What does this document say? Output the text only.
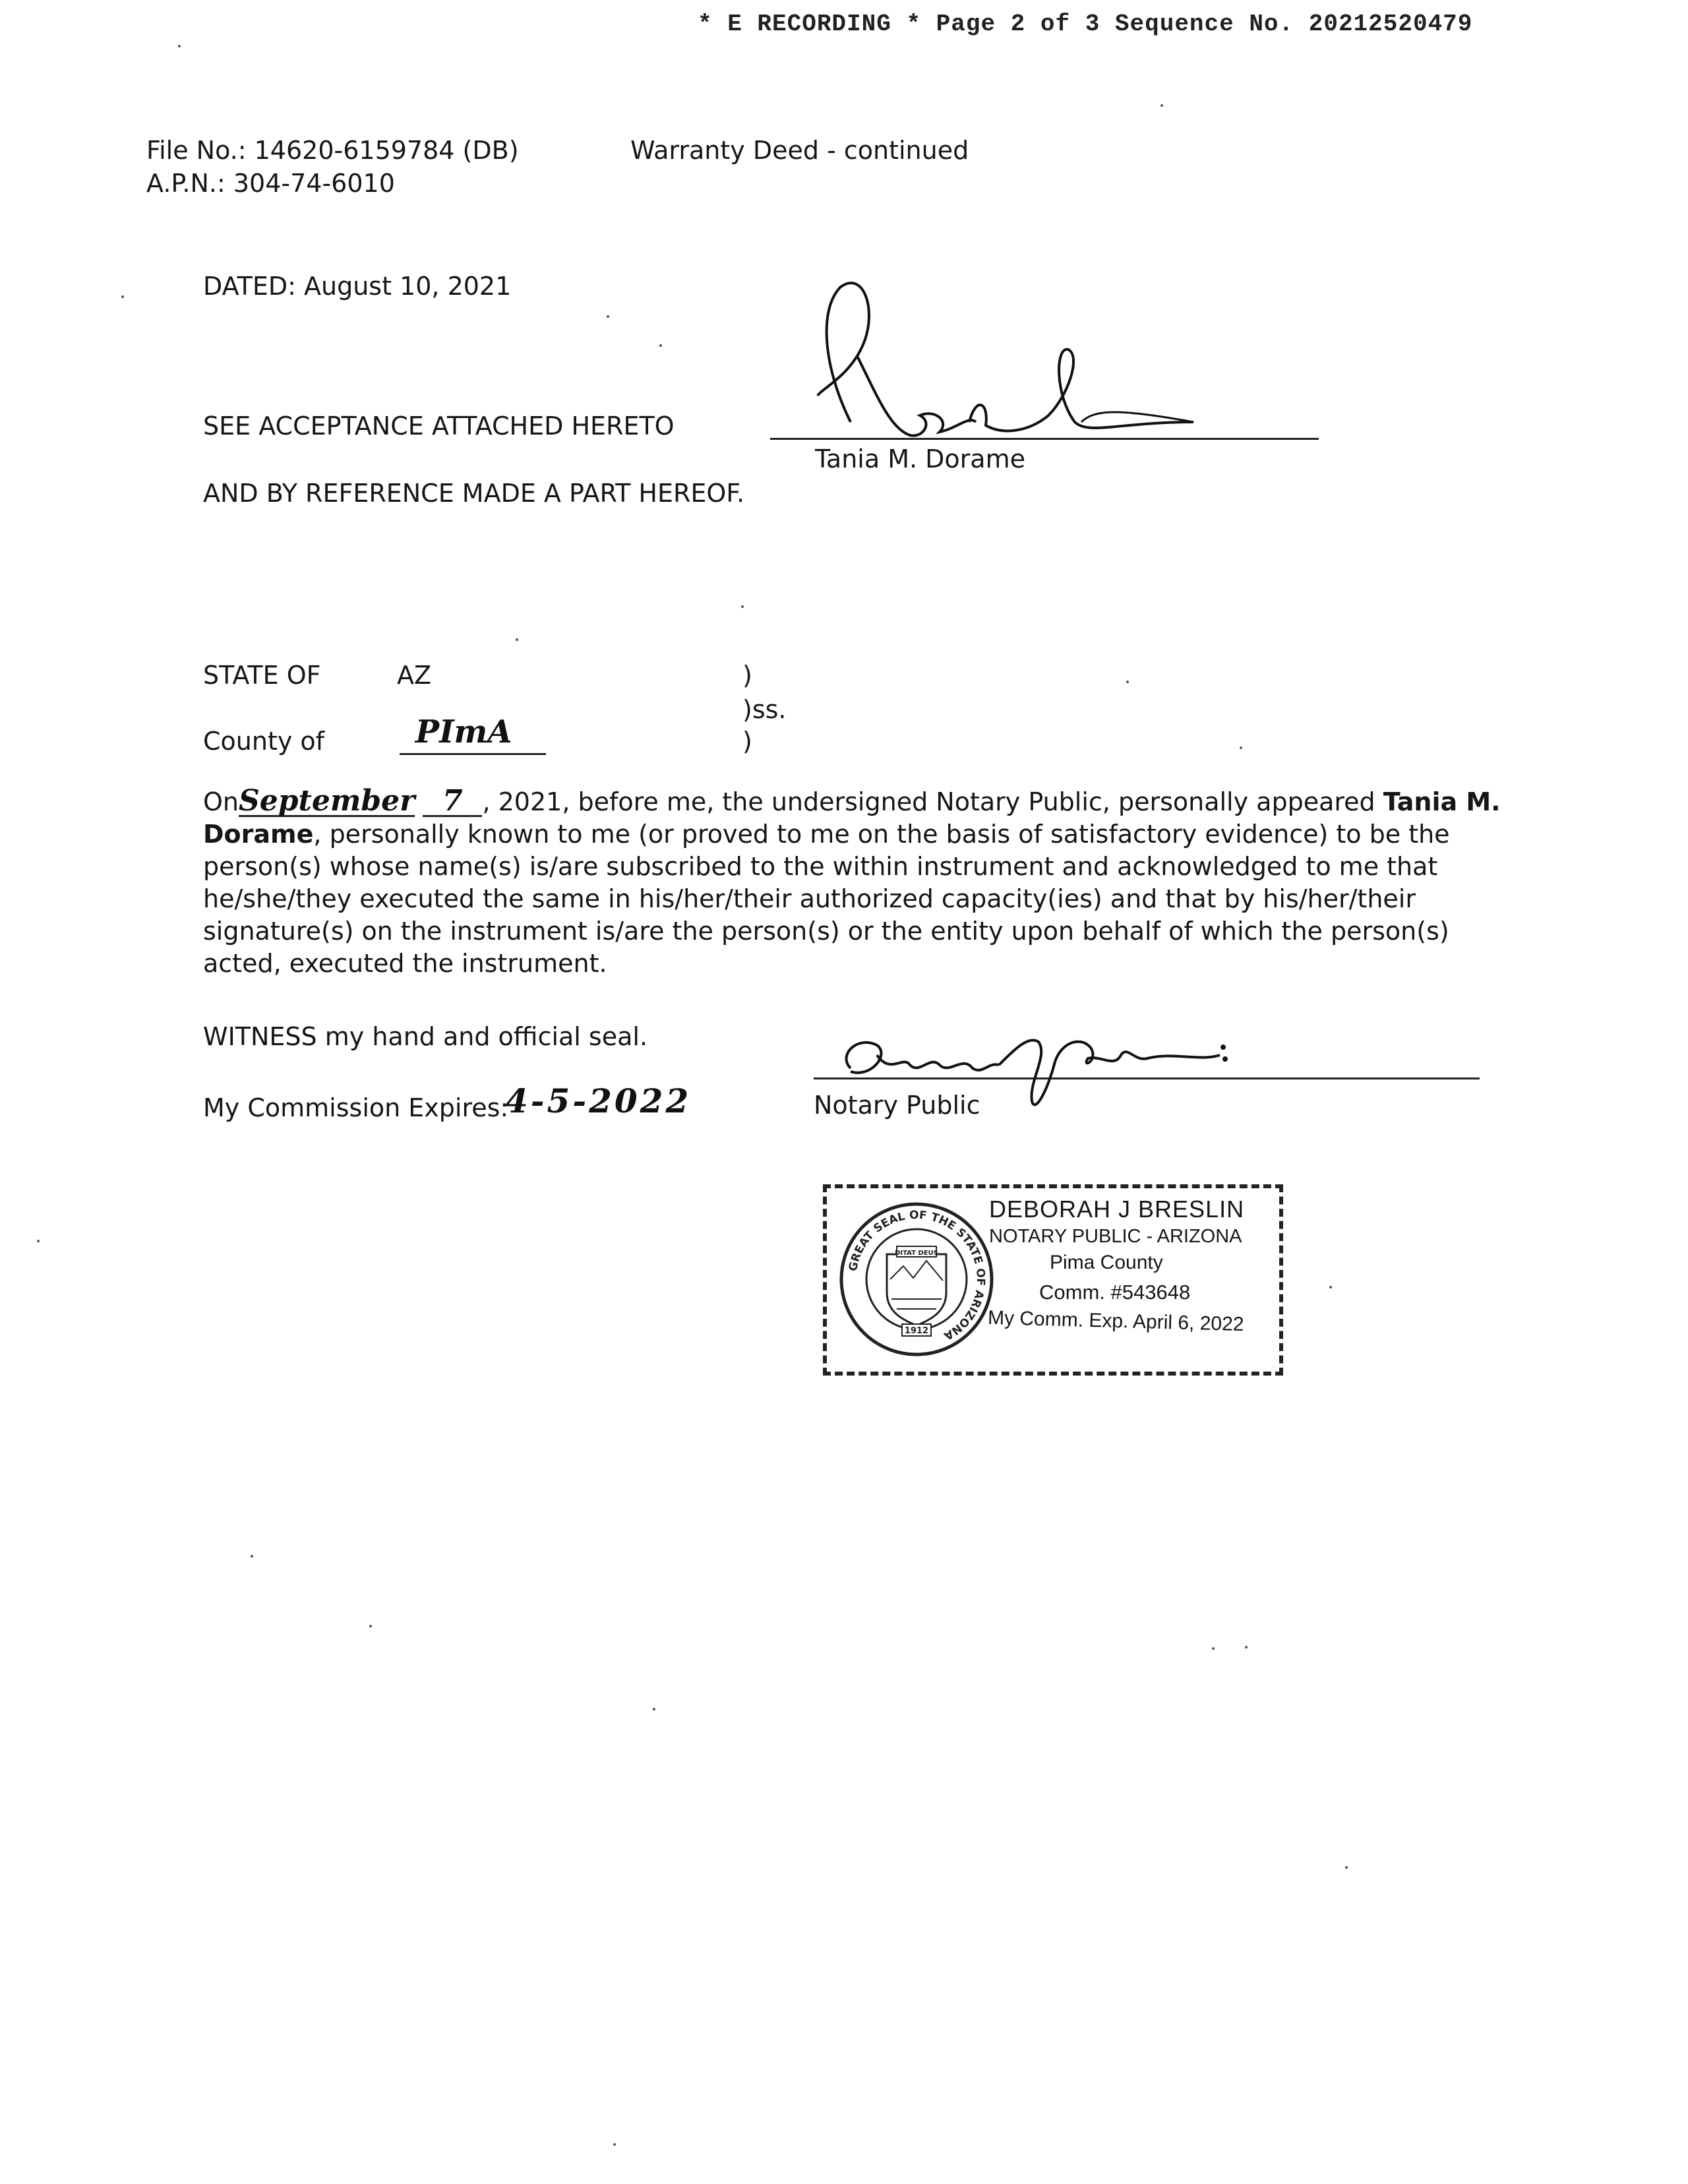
* E RECORDING * Page 2 of 3 Sequence No. 20212520479
File No.: 14620-6159784 (DB)
A.P.N.: 304-74-6010
Warranty Deed - continued
DATED: August 10, 2021
SEE ACCEPTANCE ATTACHED HERETO
AND BY REFERENCE MADE A PART HEREOF.
Tania M. Dorame
STATE OF	AZ
County of	PImA
)
)ss.
)
OnSeptember 7 , 2021, before me, the undersigned Notary Public, personally appeared Tania M.
Dorame, personally known to me (or proved to me on the basis of satisfactory evidence) to be the
person(s) whose name(s) is/are subscribed to the within instrument and acknowledged to me that
he/she/they executed the same in his/her/their authorized capacity(ies) and that by his/her/their
signature(s) on the instrument is/are the person(s) or the entity upon behalf of which the person(s)
acted, executed the instrument.
WITNESS my hand and official seal.
My Commission Expires:
4-5-2022	Notary Public
GREAT SEAL OF THE STATE OF ARIZONA
DITAT DEUS
1912
DEBORAH J BRESLIN
NOTARY PUBLIC - ARIZONA
Pima County
Comm. #543648
My Comm. Exp. April 6, 2022
